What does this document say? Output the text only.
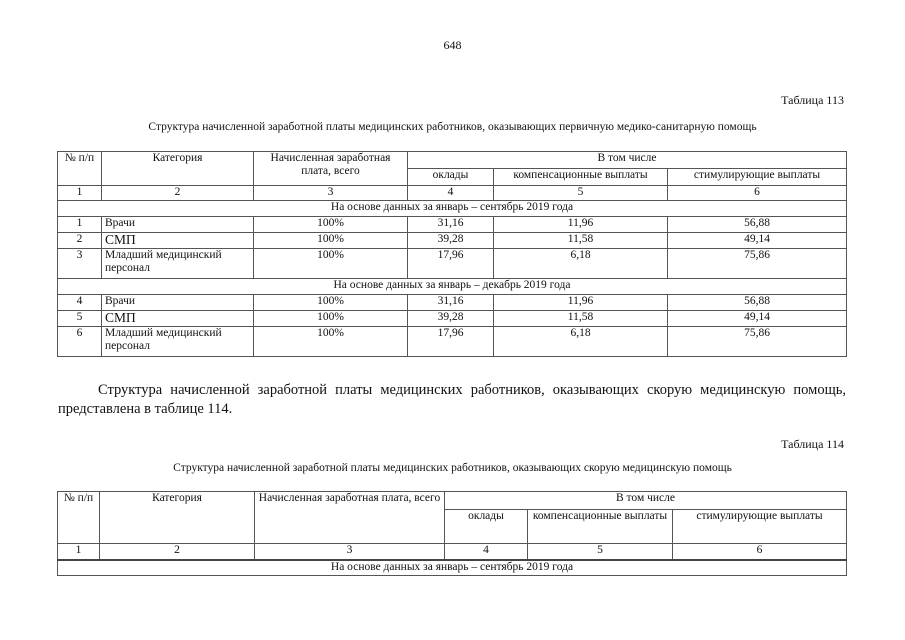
648
Таблица 113
Структура начисленной заработной платы медицинских работников, оказывающих первичную медико-санитарную помощь
№ п/п	Категория	Начисленная заработная плата, всего	В том числе		
			оклады	компенсационные выплаты	стимулирующие выплаты
1	2	3	4	5	6
На основе данных за январь – сентябрь 2019 года					
1	Врачи	100%	31,16	11,96	56,88
2	СМП	100%	39,28	11,58	49,14
3	Младший медицинский персонал	100%	17,96	6,18	75,86
На основе данных за январь – декабрь 2019 года					
4	Врачи	100%	31,16	11,96	56,88
5	СМП	100%	39,28	11,58	49,14
6	Младший медицинский персонал	100%	17,96	6,18	75,86
Структура начисленной заработной платы медицинских работников, оказывающих скорую медицинскую помощь, представлена в таблице 114.
Таблица 114
Структура начисленной заработной платы медицинских работников, оказывающих скорую медицинскую помощь
№ п/п	Категория	Начисленная заработная плата, всего	В том числе		
			оклады	компенсационные выплаты	стимулирующие выплаты
1	2	3	4	5	6
На основе данных за январь – сентябрь 2019 года					
